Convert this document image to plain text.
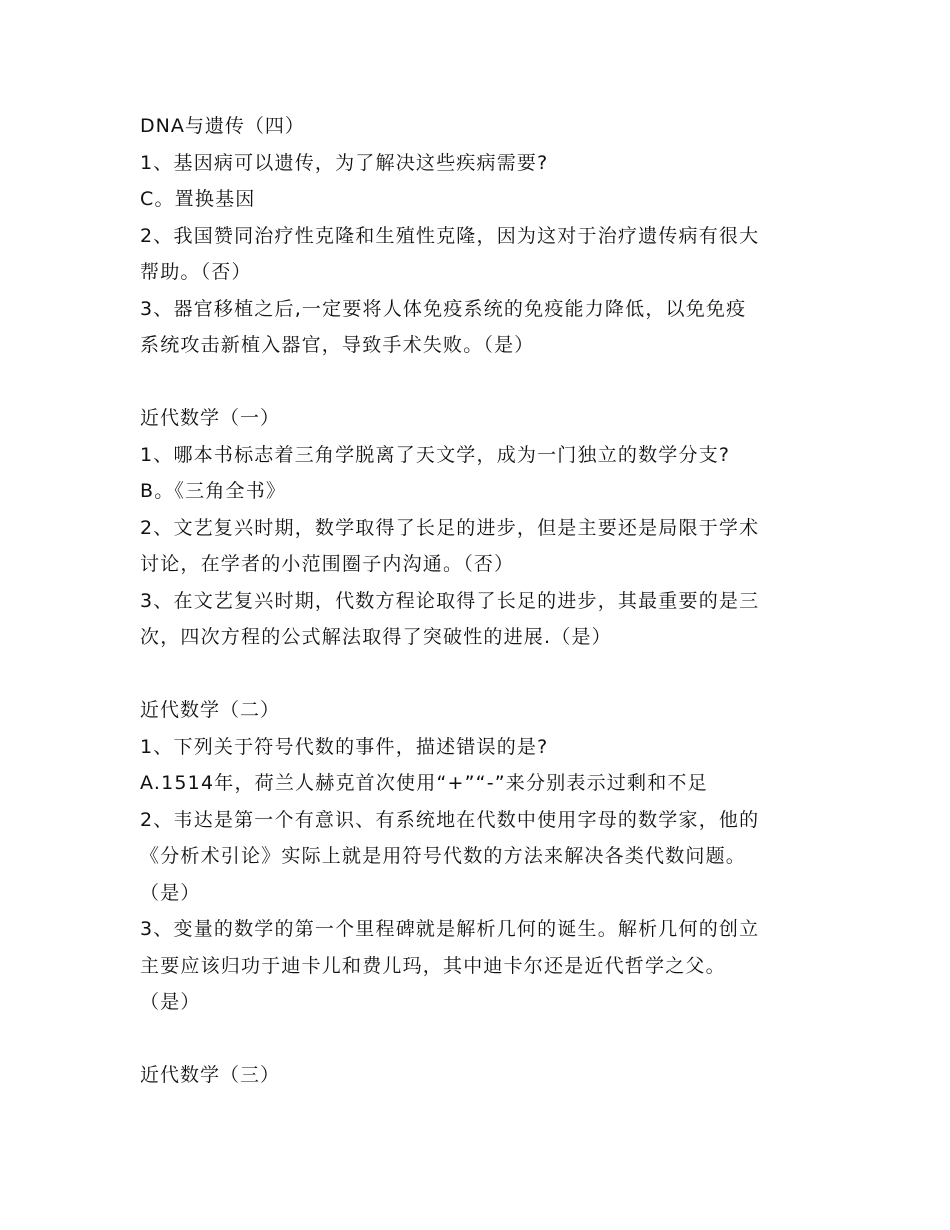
DNA与遗传（四）
1、基因病可以遗传，为了解决这些疾病需要?
C。置换基因
2、我国赞同治疗性克隆和生殖性克隆，因为这对于治疗遗传病有很大
帮助。（否）
3、器官移植之后,一定要将人体免疫系统的免疫能力降低，以免免疫
系统攻击新植入器官，导致手术失败。（是）
近代数学（一）
1、哪本书标志着三角学脱离了天文学，成为一门独立的数学分支?
B。《三角全书》
2、文艺复兴时期，数学取得了长足的进步，但是主要还是局限于学术
讨论，在学者的小范围圈子内沟通。（否）
3、在文艺复兴时期，代数方程论取得了长足的进步，其最重要的是三
次，四次方程的公式解法取得了突破性的进展.（是）
近代数学（二）
1、下列关于符号代数的事件，描述错误的是?
A.1514年，荷兰人赫克首次使用“+”“-”来分别表示过剩和不足
2、韦达是第一个有意识、有系统地在代数中使用字母的数学家，他的
《分析术引论》实际上就是用符号代数的方法来解决各类代数问题。
（是）
3、变量的数学的第一个里程碑就是解析几何的诞生。解析几何的创立
主要应该归功于迪卡儿和费儿玛，其中迪卡尔还是近代哲学之父。
（是）
近代数学（三）
